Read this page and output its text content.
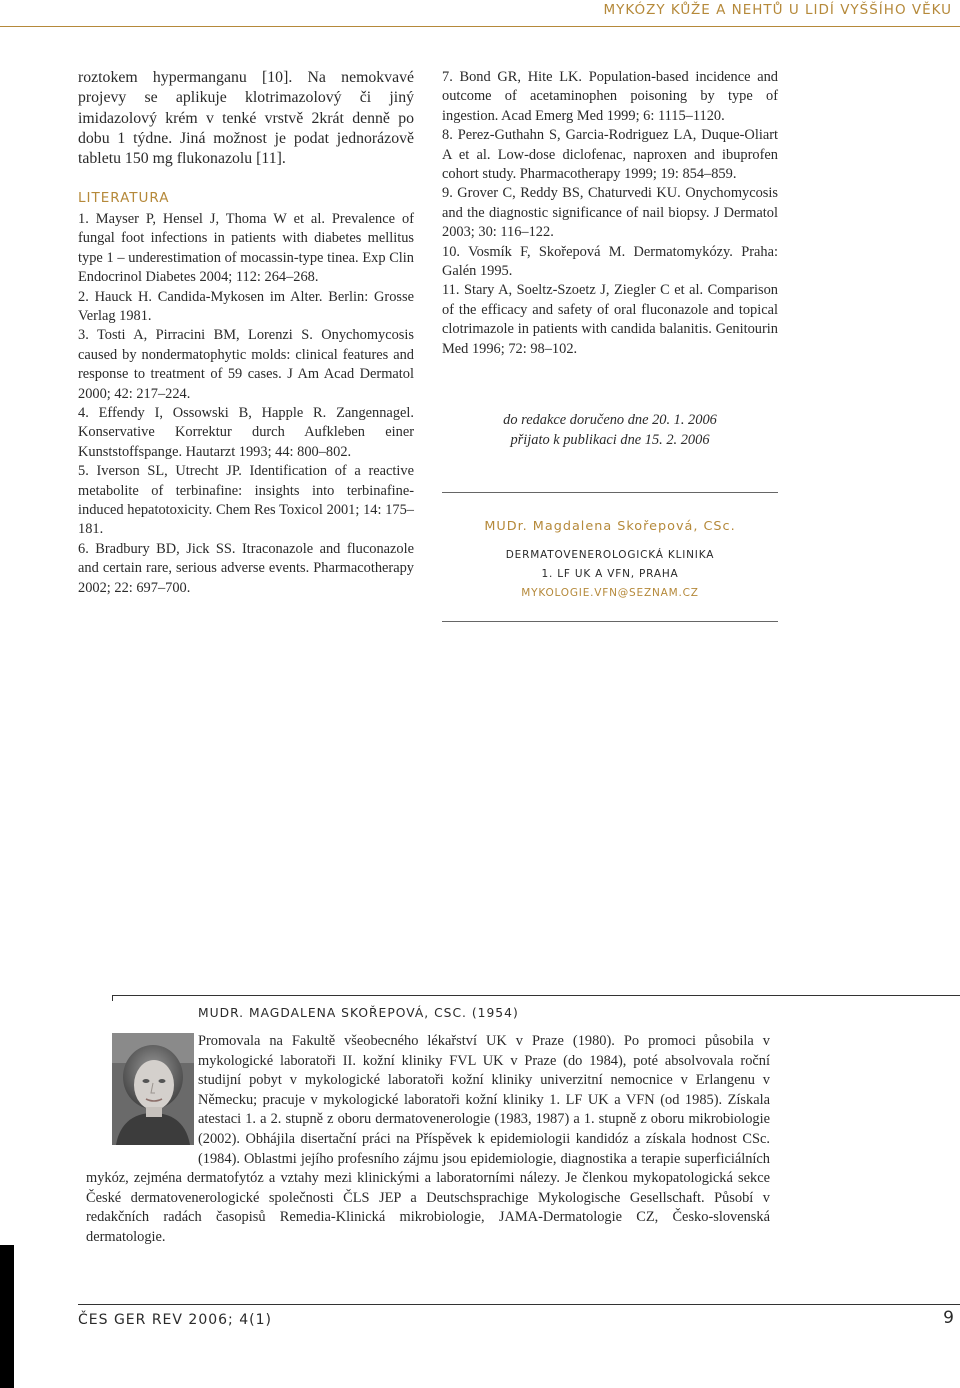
MYKÓZY KŮŽE A NEHTŮ U LIDÍ VYŠŠÍHO VĚKU

roztokem hypermanganu [10]. Na nemokvavé projevy se aplikuje klotrimazolový či jiný imidazolový krém v tenké vrstvě 2krát denně po dobu 1 týdne. Jiná možnost je podat jednorázově tabletu 150 mg flukonazolu [11].

LITERATURA

1. Mayser P, Hensel J, Thoma W et al. Prevalence of fungal foot infections in patients with diabetes mellitus type 1 – underestimation of mocassin-type tinea. Exp Clin Endocrinol Diabetes 2004; 112: 264–268.

2. Hauck H. Candida-Mykosen im Alter. Berlin: Grosse Verlag 1981.

3. Tosti A, Pirracini BM, Lorenzi S. Onychomycosis caused by nondermatophytic molds: clinical features and response to treatment of 59 cases. J Am Acad Dermatol 2000; 42: 217–224.

4. Effendy I, Ossowski B, Happle R. Zangennagel. Konservative Korrektur durch Aufkleben einer Kunststoffspange. Hautarzt 1993; 44: 800–802.

5. Iverson SL, Utrecht JP. Identification of a reactive metabolite of terbinafine: insights into terbinafine-induced hepatotoxicity. Chem Res Toxicol 2001; 14: 175–181.

6. Bradbury BD, Jick SS. Itraconazole and fluconazole and certain rare, serious adverse events. Pharmacotherapy 2002; 22: 697–700.

7. Bond GR, Hite LK. Population-based incidence and outcome of acetaminophen poisoning by type of ingestion. Acad Emerg Med 1999; 6: 1115–1120.

8. Perez-Guthahn S, Garcia-Rodriguez LA, Duque-Oliart A et al. Low-dose diclofenac, naproxen and ibuprofen cohort study. Pharmacotherapy 1999; 19: 854–859.

9. Grover C, Reddy BS, Chaturvedi KU. Onychomycosis and the diagnostic significance of nail biopsy. J Dermatol 2003; 30: 116–122.

10. Vosmík F, Skořepová M. Dermatomykózy. Praha: Galén 1995.

11. Stary A, Soeltz-Szoetz J, Ziegler C et al. Comparison of the efficacy and safety of oral fluconazole and topical clotrimazole in patients with candida balanitis. Genitourin Med 1996; 72: 98–102.

do redakce doručeno dne 20. 1. 2006
přijato k publikaci dne 15. 2. 2006
MUDr. Magdalena Skořepová, CSc.
DERMATOVENEROLOGICKÁ KLINIKA
1. LF UK A VFN, PRAHA
MYKOLOGIE.VFN@SEZNAM.CZ
MUDR. MAGDALENA SKOŘEPOVÁ, CSC. (1954)

Promovala na Fakultě všeobecného lékařství UK v Praze (1980). Po promoci působila v mykologické laboratoři II. kožní kliniky FVL UK v Praze (do 1984), poté absolvovala roční studijní pobyt v mykologické laboratoři kožní kliniky univerzitní nemocnice v Erlangenu v Německu; pracuje v mykologické laboratoři kožní kliniky 1. LF UK a VFN (od 1985). Získala atestaci 1. a 2. stupně z oboru dermatovenerologie (1983, 1987) a 1. stupně z oboru mikrobiologie (2002). Obhájila disertační práci na Příspěvek k epidemiologii kandidóz a získala hodnost CSc. (1984). Oblastmi jejího profesního zájmu jsou epidemiologie, diagnostika a terapie superficiálních mykóz, zejména dermatofytóz a vztahy mezi klinickými a laboratorními nálezy. Je členkou mykopatologická sekce České dermatovenerologické společnosti ČLS JEP a Deutschsprachige Mykologische Gesellschaft. Působí v redakčních radách časopisů Remedia-Klinická mikrobiologie, JAMA-Dermatologie CZ, Česko-slovenská dermatologie.

ČES GER REV 2006; 4(1)	9
